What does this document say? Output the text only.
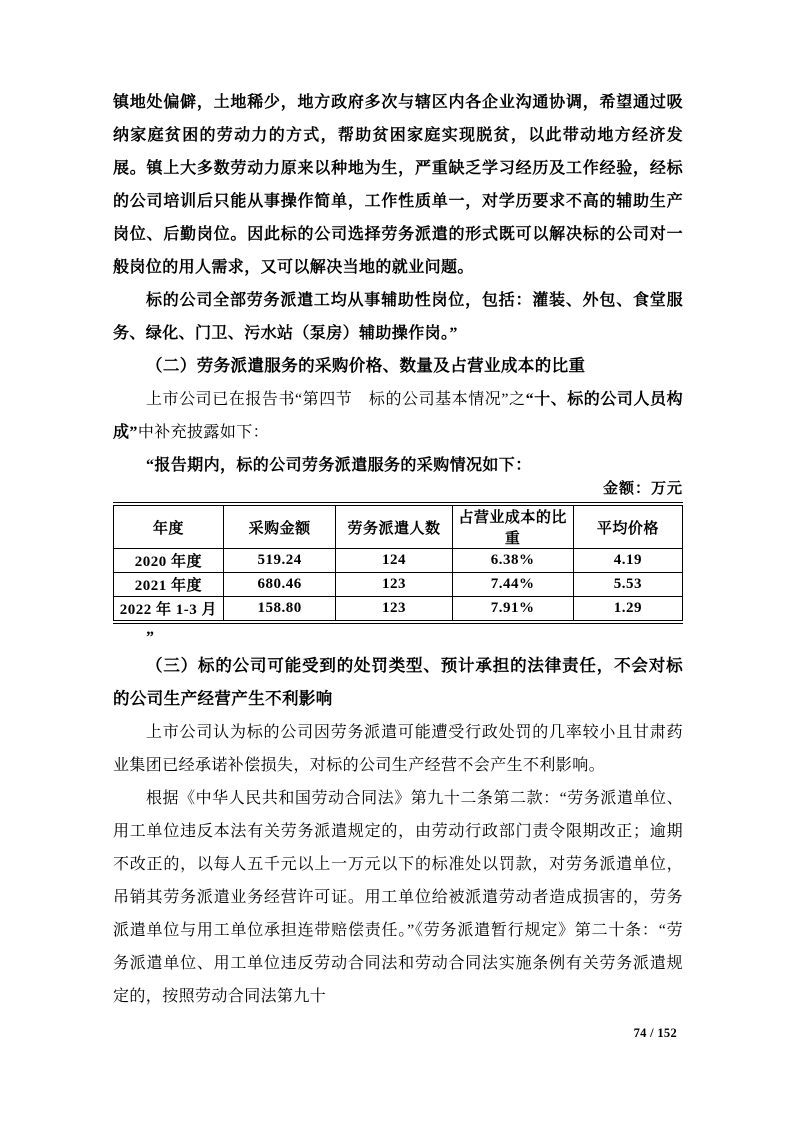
镇地处偏僻，土地稀少，地方政府多次与辖区内各企业沟通协调，希望通过吸纳家庭贫困的劳动力的方式，帮助贫困家庭实现脱贫，以此带动地方经济发展。镇上大多数劳动力原来以种地为生，严重缺乏学习经历及工作经验，经标的公司培训后只能从事操作简单，工作性质单一，对学历要求不高的辅助生产岗位、后勤岗位。因此标的公司选择劳务派遣的形式既可以解决标的公司对一般岗位的用人需求，又可以解决当地的就业问题。

标的公司全部劳务派遣工均从事辅助性岗位，包括：灌装、外包、食堂服务、绿化、门卫、污水站（泵房）辅助操作岗。”

（二）劳务派遣服务的采购价格、数量及占营业成本的比重

上市公司已在报告书“第四节　标的公司基本情况”之“十、标的公司人员构成”中补充披露如下：

“报告期内，标的公司劳务派遣服务的采购情况如下：

金额：万元
年度	采购金额	劳务派遣人数	占营业成本的比重	平均价格
2020 年度	519.24	124	6.38%	4.19
2021 年度	680.46	123	7.44%	5.53
2022 年 1-3 月	158.80	123	7.91%	1.29

”

（三）标的公司可能受到的处罚类型、预计承担的法律责任，不会对标的公司生产经营产生不利影响

上市公司认为标的公司因劳务派遣可能遭受行政处罚的几率较小且甘肃药业集团已经承诺补偿损失，对标的公司生产经营不会产生不利影响。

根据《中华人民共和国劳动合同法》第九十二条第二款：“劳务派遣单位、用工单位违反本法有关劳务派遣规定的，由劳动行政部门责令限期改正；逾期不改正的，以每人五千元以上一万元以下的标准处以罚款，对劳务派遣单位，吊销其劳务派遣业务经营许可证。用工单位给被派遣劳动者造成损害的，劳务派遣单位与用工单位承担连带赔偿责任。”《劳务派遣暂行规定》第二十条：“劳务派遣单位、用工单位违反劳动合同法和劳动合同法实施条例有关劳务派遣规定的，按照劳动合同法第九十

74 / 152
